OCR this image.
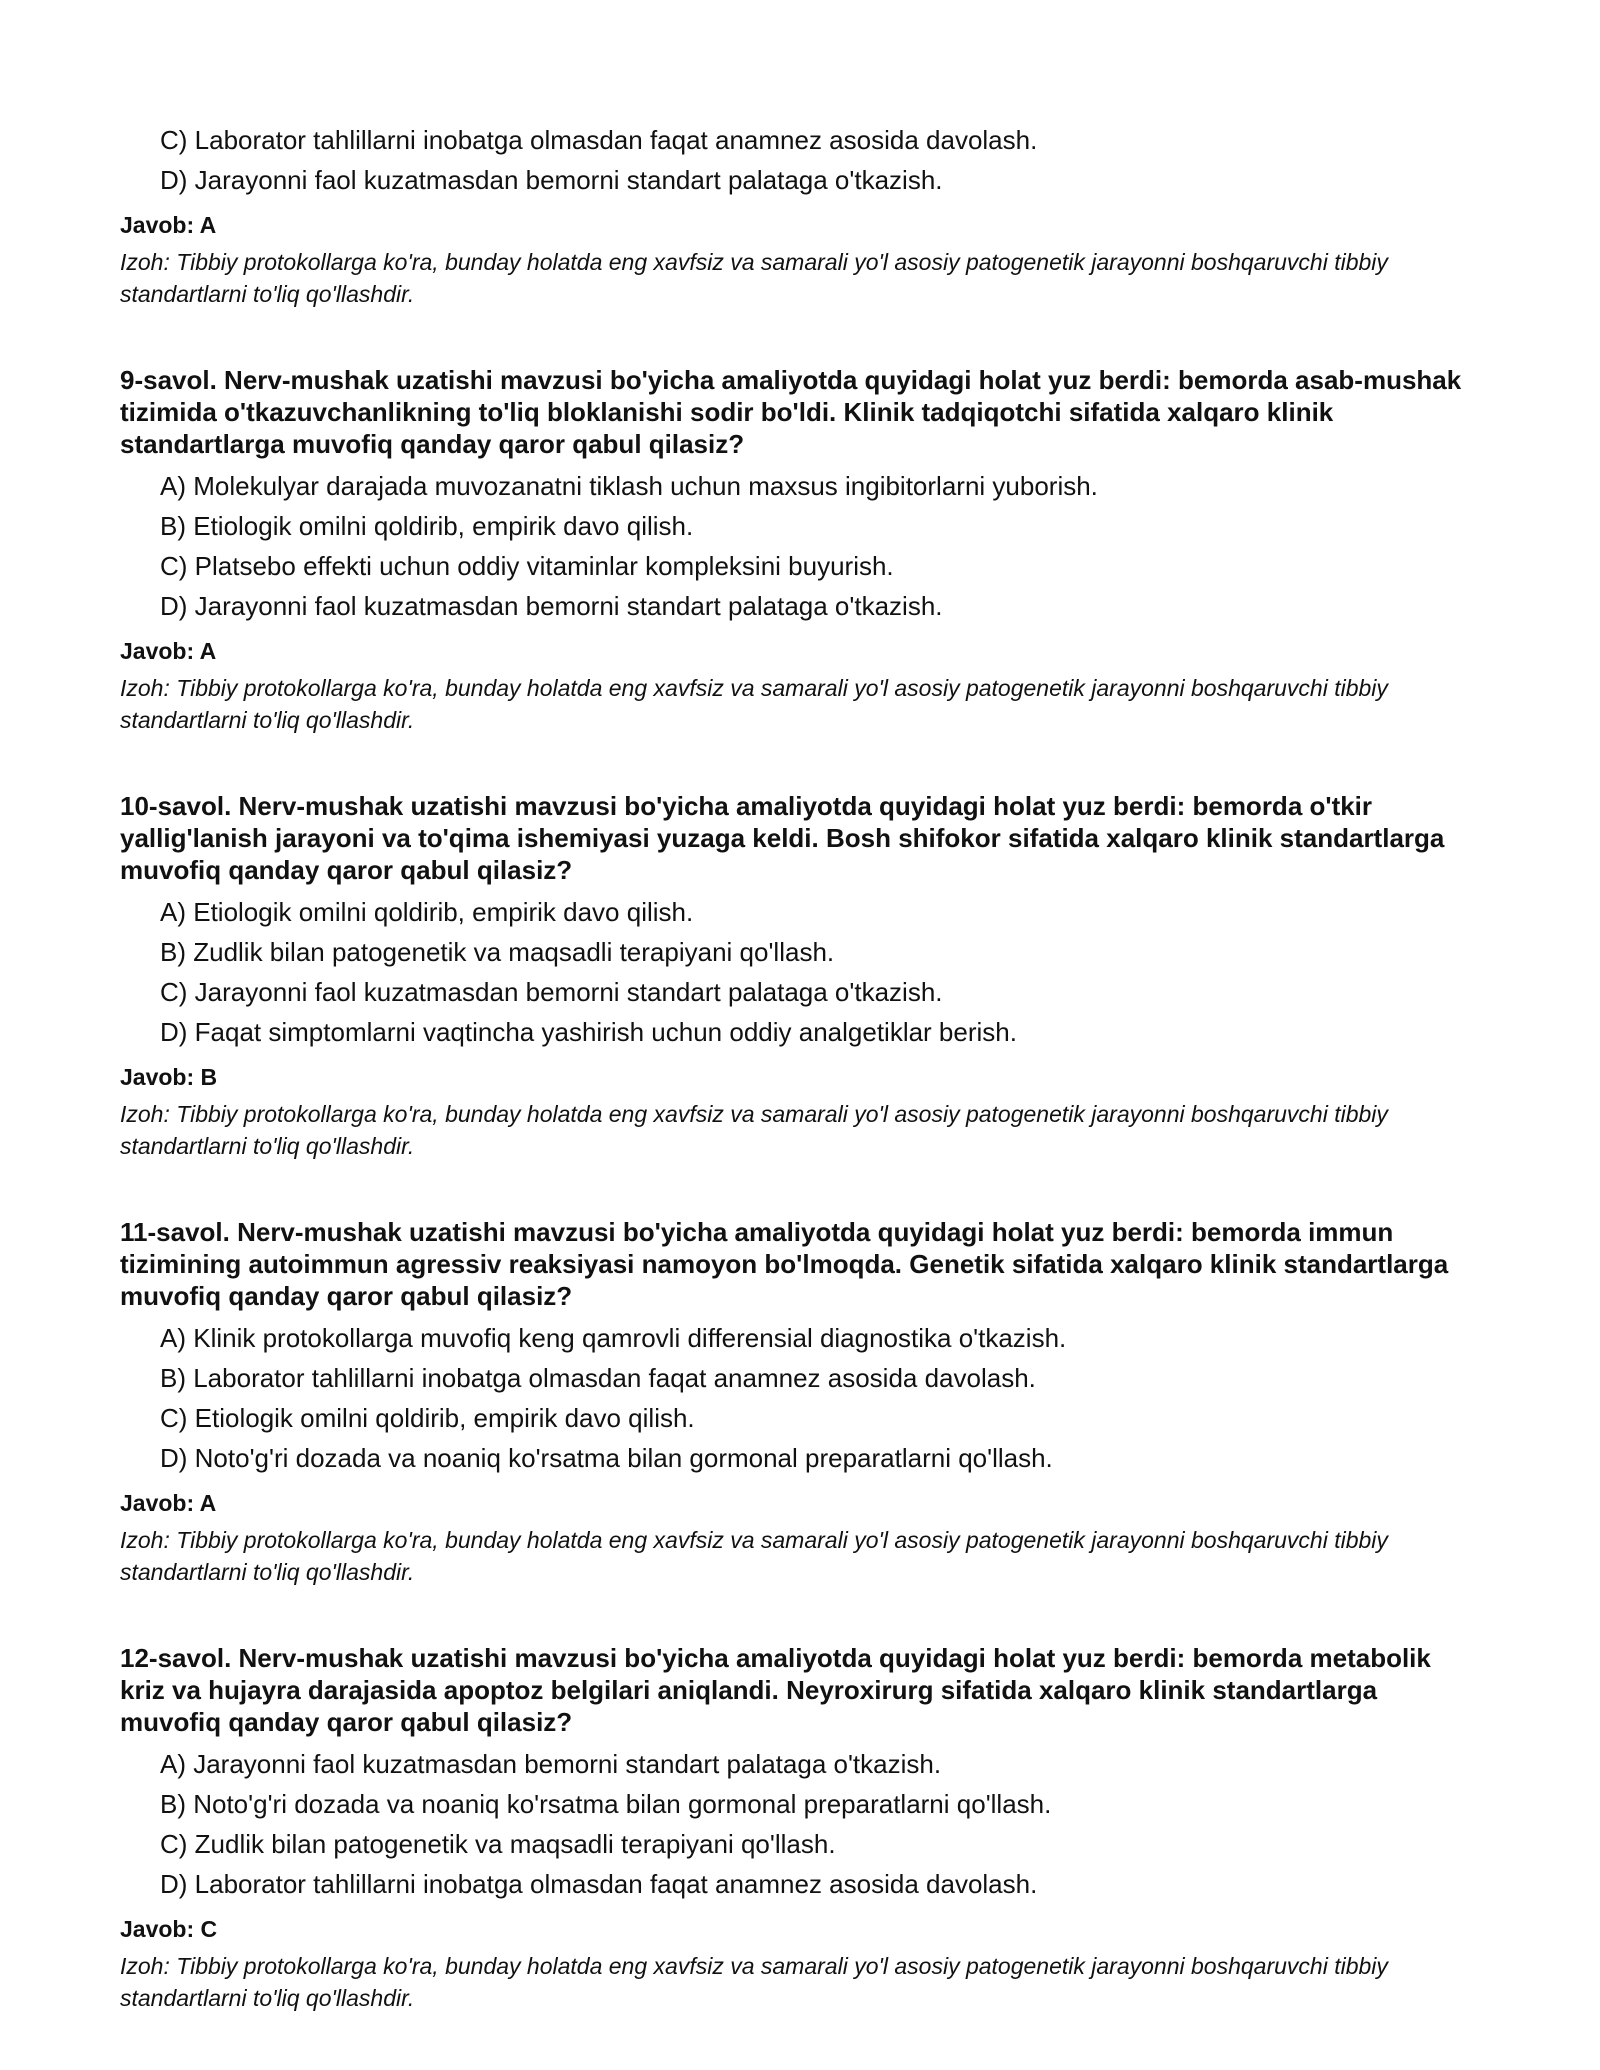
C) Laborator tahlillarni inobatga olmasdan faqat anamnez asosida davolash.
D) Jarayonni faol kuzatmasdan bemorni standart palataga o'tkazish.
Javob: A
Izoh: Tibbiy protokollarga ko'ra, bunday holatda eng xavfsiz va samarali yo'l asosiy patogenetik jarayonni boshqaruvchi tibbiy standartlarni to'liq qo'llashdir.
9-savol. Nerv-mushak uzatishi mavzusi bo'yicha amaliyotda quyidagi holat yuz berdi: bemorda asab-mushak tizimida o'tkazuvchanlikning to'liq bloklanishi sodir bo'ldi. Klinik tadqiqotchi sifatida xalqaro klinik standartlarga muvofiq qanday qaror qabul qilasiz?
A) Molekulyar darajada muvozanatni tiklash uchun maxsus ingibitorlarni yuborish.
B) Etiologik omilni qoldirib, empirik davo qilish.
C) Platsebo effekti uchun oddiy vitaminlar kompleksini buyurish.
D) Jarayonni faol kuzatmasdan bemorni standart palataga o'tkazish.
Javob: A
Izoh: Tibbiy protokollarga ko'ra, bunday holatda eng xavfsiz va samarali yo'l asosiy patogenetik jarayonni boshqaruvchi tibbiy standartlarni to'liq qo'llashdir.
10-savol. Nerv-mushak uzatishi mavzusi bo'yicha amaliyotda quyidagi holat yuz berdi: bemorda o'tkir yallig'lanish jarayoni va to'qima ishemiyasi yuzaga keldi. Bosh shifokor sifatida xalqaro klinik standartlarga muvofiq qanday qaror qabul qilasiz?
A) Etiologik omilni qoldirib, empirik davo qilish.
B) Zudlik bilan patogenetik va maqsadli terapiyani qo'llash.
C) Jarayonni faol kuzatmasdan bemorni standart palataga o'tkazish.
D) Faqat simptomlarni vaqtincha yashirish uchun oddiy analgetiklar berish.
Javob: B
Izoh: Tibbiy protokollarga ko'ra, bunday holatda eng xavfsiz va samarali yo'l asosiy patogenetik jarayonni boshqaruvchi tibbiy standartlarni to'liq qo'llashdir.
11-savol. Nerv-mushak uzatishi mavzusi bo'yicha amaliyotda quyidagi holat yuz berdi: bemorda immun tizimining autoimmun agressiv reaksiyasi namoyon bo'lmoqda. Genetik sifatida xalqaro klinik standartlarga muvofiq qanday qaror qabul qilasiz?
A) Klinik protokollarga muvofiq keng qamrovli differensial diagnostika o'tkazish.
B) Laborator tahlillarni inobatga olmasdan faqat anamnez asosida davolash.
C) Etiologik omilni qoldirib, empirik davo qilish.
D) Noto'g'ri dozada va noaniq ko'rsatma bilan gormonal preparatlarni qo'llash.
Javob: A
Izoh: Tibbiy protokollarga ko'ra, bunday holatda eng xavfsiz va samarali yo'l asosiy patogenetik jarayonni boshqaruvchi tibbiy standartlarni to'liq qo'llashdir.
12-savol. Nerv-mushak uzatishi mavzusi bo'yicha amaliyotda quyidagi holat yuz berdi: bemorda metabolik kriz va hujayra darajasida apoptoz belgilari aniqlandi. Neyroxirurg sifatida xalqaro klinik standartlarga muvofiq qanday qaror qabul qilasiz?
A) Jarayonni faol kuzatmasdan bemorni standart palataga o'tkazish.
B) Noto'g'ri dozada va noaniq ko'rsatma bilan gormonal preparatlarni qo'llash.
C) Zudlik bilan patogenetik va maqsadli terapiyani qo'llash.
D) Laborator tahlillarni inobatga olmasdan faqat anamnez asosida davolash.
Javob: C
Izoh: Tibbiy protokollarga ko'ra, bunday holatda eng xavfsiz va samarali yo'l asosiy patogenetik jarayonni boshqaruvchi tibbiy standartlarni to'liq qo'llashdir.
